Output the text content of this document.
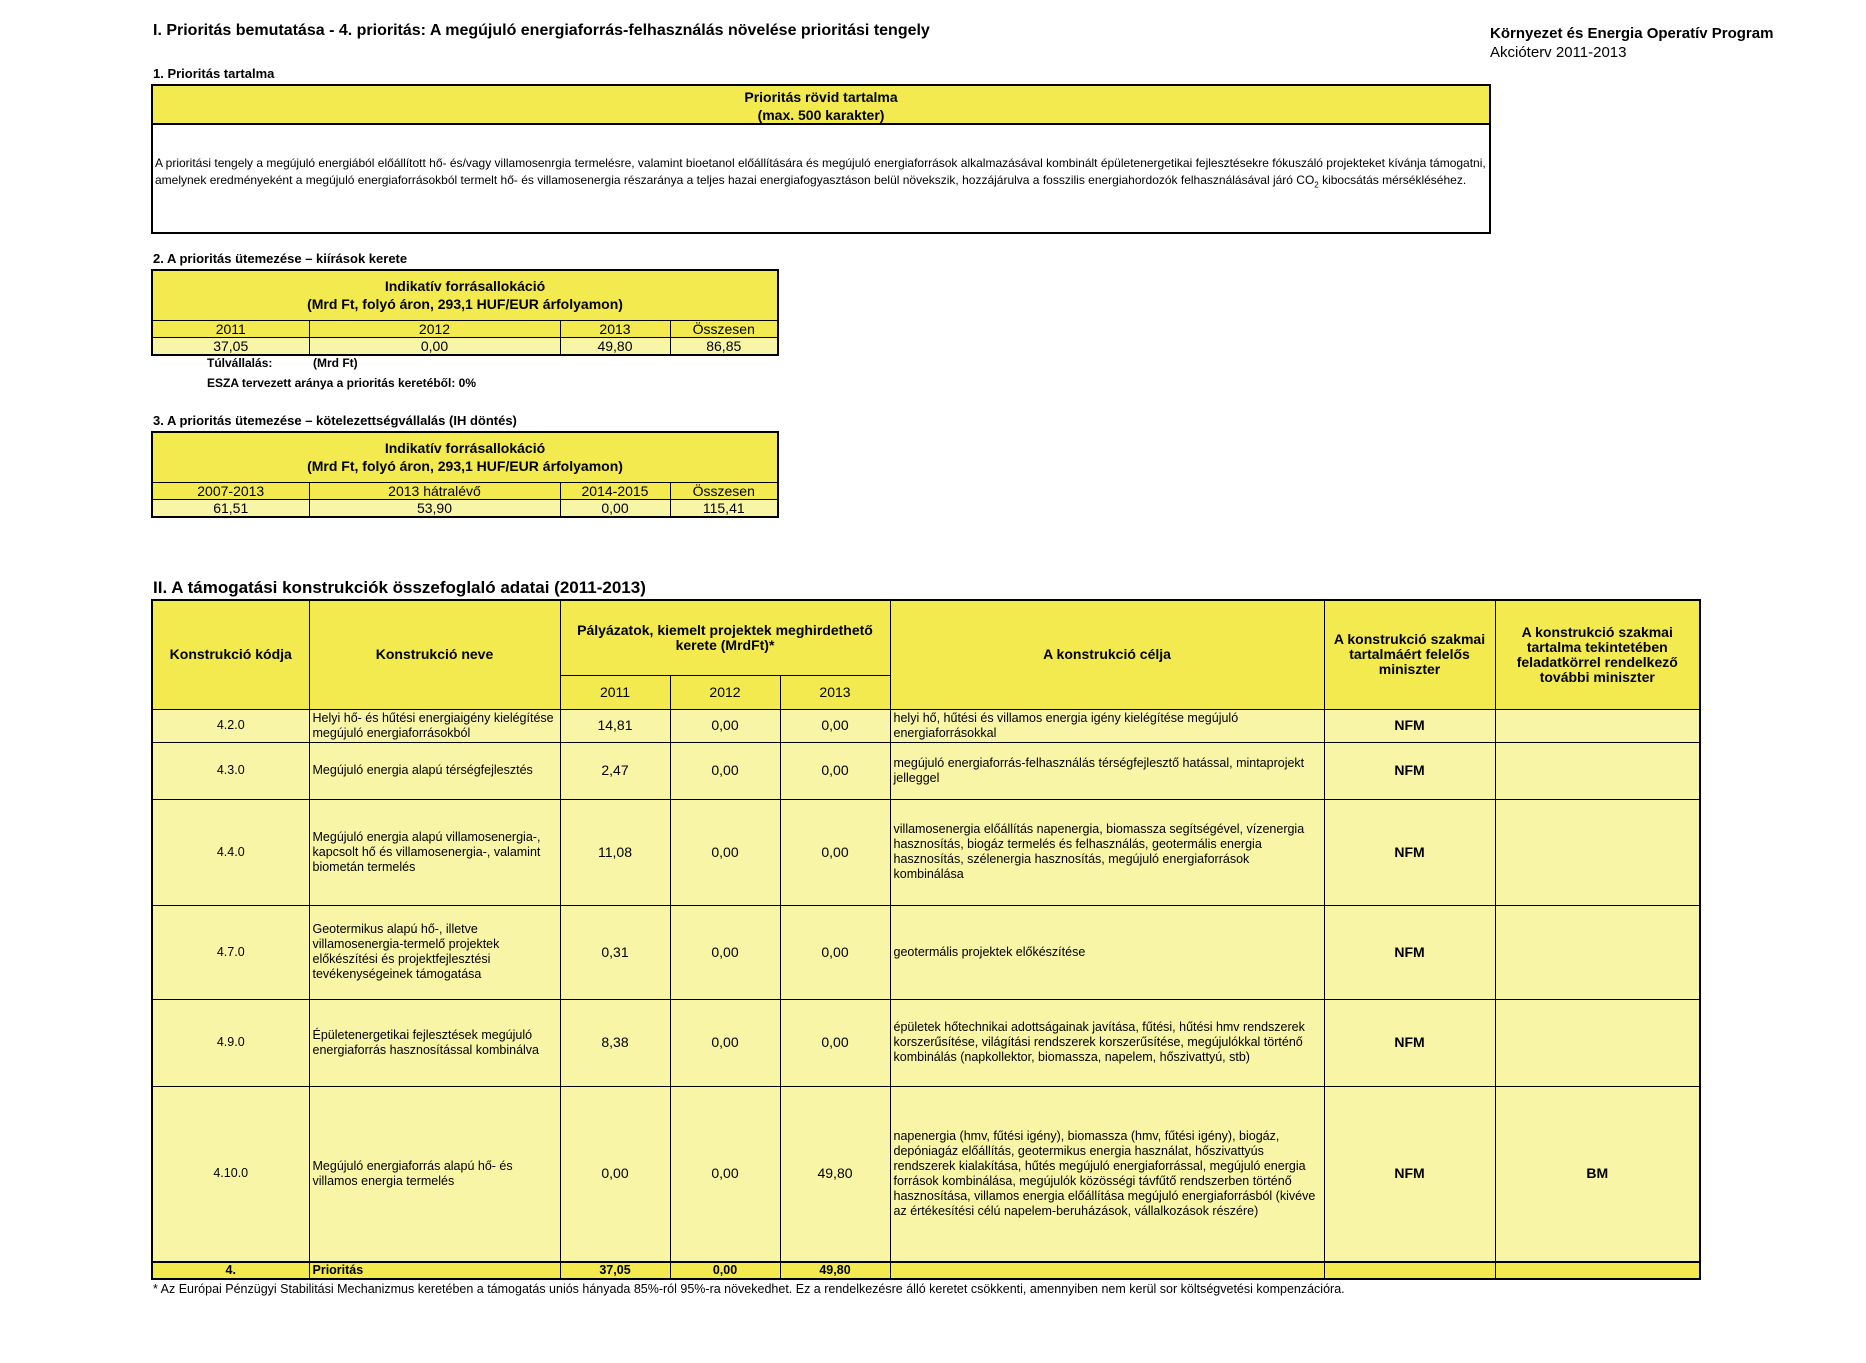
I. Prioritás bemutatása - 4. prioritás: A megújuló energiaforrás-felhasználás növelése prioritási tengely	Környezet és Energia Operatív Program
Akcióterv 2011-2013
1. Prioritás tartalma
Prioritás rövid tartalma
(max. 500 karakter)
A prioritási tengely a megújuló energiából előállított hő- és/vagy villamosenrgia termelésre, valamint bioetanol előállítására és megújuló energiaforrások alkalmazásával kombinált épületenergetikai fejlesztésekre fókuszáló projekteket kívánja támogatni, amelynek eredményeként a megújuló energiaforrásokból termelt hő- és villamosenergia részaránya a teljes hazai energiafogyasztáson belül növekszik, hozzájárulva a fosszilis energiahordozók felhasználásával járó $CO_2$ kibocsátás mérsékléséhez.
2. A prioritás ütemezése – kiírások kerete
Indikatív forrásallokáció
(Mrd Ft, folyó áron, 293,1 HUF/EUR árfolyamon)			

2011	2012	2013	Összesen
37,05	0,00	49,80	86,85
Túlvállalás:	(Mrd Ft)
ESZA tervezett aránya a prioritás keretéből: 0%
3. A prioritás ütemezése – kötelezettségvállalás (IH döntés)
Indikatív forrásallokáció
(Mrd Ft, folyó áron, 293,1 HUF/EUR árfolyamon)			

2007-2013	2013 hátralévő	2014-2015	Összesen
61,51	53,90	0,00	115,41
II. A támogatási konstrukciók összefoglaló adatai (2011-2013)
Konstrukció kódja	Konstrukció neve	Pályázatok, kiemelt projektek meghirdethető kerete (MrdFt)*			A konstrukció célja	A konstrukció szakmai tartalmáért felelős miniszter	A konstrukció szakmai tartalma tekintetében feladatkörrel rendelkező további miniszter
		2011	2012	2013			
4.2.0	Helyi hő- és hűtési energiaigény kielégítése megújuló energiaforrásokból	14,81	0,00	0,00	helyi hő, hűtési és villamos energia igény kielégítése megújuló energiaforrásokkal	NFM	
4.3.0	Megújuló energia alapú térségfejlesztés	2,47	0,00	0,00	megújuló energiaforrás-felhasználás térségfejlesztő hatással, mintaprojekt jelleggel	NFM	
4.4.0	Megújuló energia alapú villamosenergia-, kapcsolt hő és villamosenergia-, valamint biometán termelés	11,08	0,00	0,00	villamosenergia előállítás napenergia, biomassza segítségével, vízenergia hasznosítás, biogáz termelés és felhasználás, geotermális energia hasznosítás, szélenergia hasznosítás, megújuló energiaforrások kombinálása	NFM	
4.7.0	Geotermikus alapú hő-, illetve villamosenergia-termelő projektek előkészítési és projektfejlesztési tevékenységeinek támogatása	0,31	0,00	0,00	geotermális projektek előkészítése	NFM	
4.9.0	Épületenergetikai fejlesztések megújuló energiaforrás hasznosítással kombinálva	8,38	0,00	0,00	épületek hőtechnikai adottságainak javítása, fűtési, hűtési hmv rendszerek korszerűsítése, világítási rendszerek korszerűsítése, megújulókkal történő kombinálás (napkollektor, biomassza, napelem, hőszivattyú, stb)	NFM	
4.10.0	Megújuló energiaforrás alapú hő- és villamos energia termelés	0,00	0,00	49,80	napenergia (hmv, fűtési igény), biomassza (hmv, fűtési igény), biogáz, depóniagáz előállítás, geotermikus energia használat, hőszivattyús rendszerek kialakítása, hűtés megújuló energiaforrással, megújuló energia források kombinálása, megújulók közösségi távfűtő rendszerben történő hasznosítása, villamos energia előállítása megújuló energiaforrásból (kivéve az értékesítési célú napelem-beruházások, vállalkozások részére)	NFM	BM
4.	Prioritás	37,05	0,00	49,80			
* Az Európai Pénzügyi Stabilitási Mechanizmus keretében a támogatás uniós hányada 85%-ról 95%-ra növekedhet. Ez a rendelkezésre álló keretet csökkenti, amennyiben nem kerül sor költségvetési kompenzációra.
